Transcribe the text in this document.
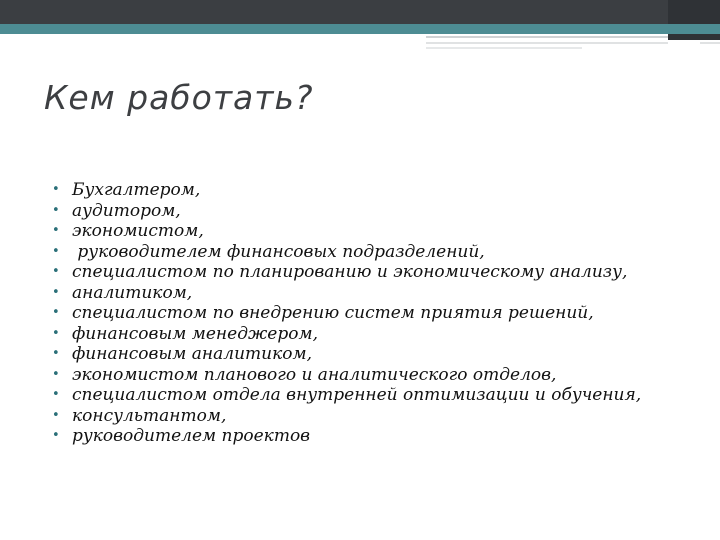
Кем работать?
• Бухгалтером,
• аудитором,
• экономистом,
• руководителем финансовых подразделений,
• специалистом по планированию и экономическому анализу,
• аналитиком,
• специалистом по внедрению систем приятия решений,
• финансовым менеджером,
• финансовым аналитиком,
• экономистом планового и аналитического отделов,
• специалистом отдела внутренней оптимизации и обучения,
• консультантом,
• руководителем проектов
